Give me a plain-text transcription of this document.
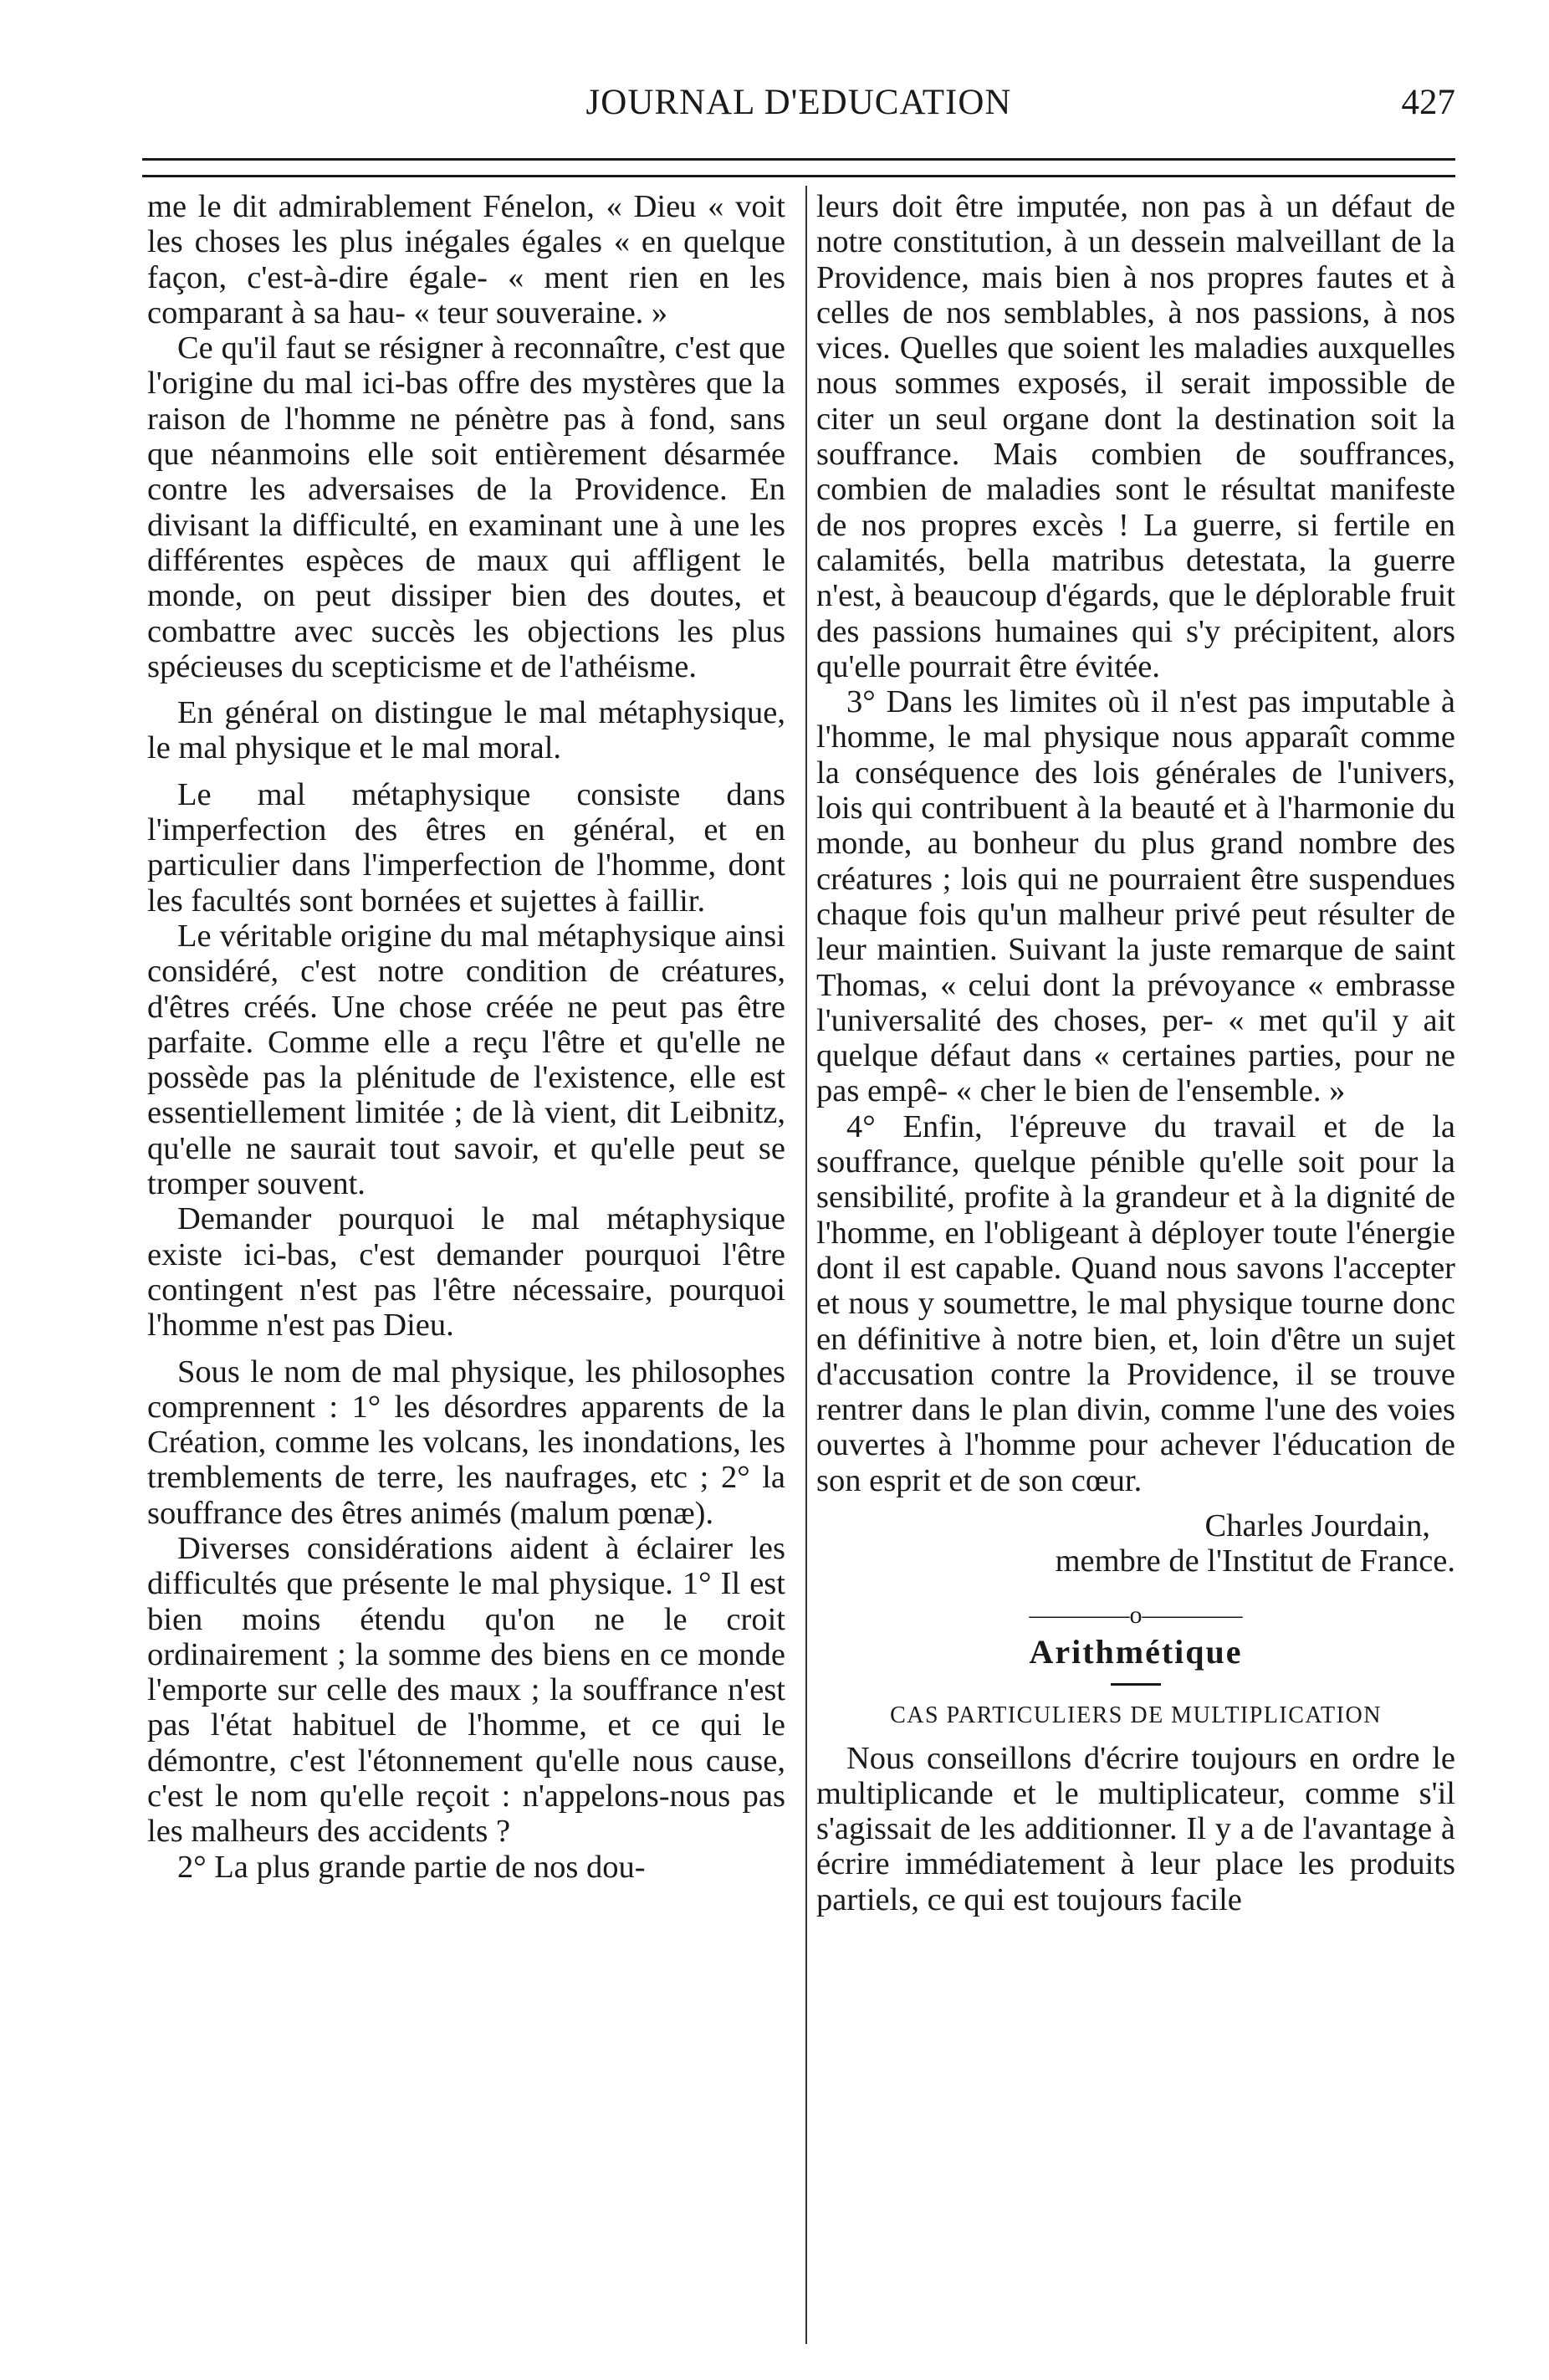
JOURNAL D'EDUCATION	427

me le dit admirablement Fénelon, « Dieu « voit les choses les plus inégales égales « en quelque façon, c'est-à-dire égale- « ment rien en les comparant à sa hau- « teur souveraine. »

Ce qu'il faut se résigner à reconnaître, c'est que l'origine du mal ici-bas offre des mystères que la raison de l'homme ne pénètre pas à fond, sans que néanmoins elle soit entièrement désarmée contre les adversaises de la Providence. En divisant la difficulté, en examinant une à une les différentes espèces de maux qui affligent le monde, on peut dissiper bien des doutes, et combattre avec succès les objections les plus spécieuses du scepticisme et de l'athéisme.

En général on distingue le mal métaphysique, le mal physique et le mal moral.

Le mal métaphysique consiste dans l'imperfection des êtres en général, et en particulier dans l'imperfection de l'homme, dont les facultés sont bornées et sujettes à faillir.

Le véritable origine du mal métaphysique ainsi considéré, c'est notre condition de créatures, d'êtres créés. Une chose créée ne peut pas être parfaite. Comme elle a reçu l'être et qu'elle ne possède pas la plénitude de l'existence, elle est essentiellement limitée ; de là vient, dit Leibnitz, qu'elle ne saurait tout savoir, et qu'elle peut se tromper souvent.

Demander pourquoi le mal métaphysique existe ici-bas, c'est demander pourquoi l'être contingent n'est pas l'être nécessaire, pourquoi l'homme n'est pas Dieu.

Sous le nom de mal physique, les philosophes comprennent : 1° les désordres apparents de la Création, comme les volcans, les inondations, les tremblements de terre, les naufrages, etc ; 2° la souffrance des êtres animés (malum pœnæ).

Diverses considérations aident à éclairer les difficultés que présente le mal physique. 1° Il est bien moins étendu qu'on ne le croit ordinairement ; la somme des biens en ce monde l'emporte sur celle des maux ; la souffrance n'est pas l'état habituel de l'homme, et ce qui le démontre, c'est l'étonnement qu'elle nous cause, c'est le nom qu'elle reçoit : n'appelons-nous pas les malheurs des accidents ?

2° La plus grande partie de nos dou-

leurs doit être imputée, non pas à un défaut de notre constitution, à un dessein malveillant de la Providence, mais bien à nos propres fautes et à celles de nos semblables, à nos passions, à nos vices. Quelles que soient les maladies auxquelles nous sommes exposés, il serait impossible de citer un seul organe dont la destination soit la souffrance. Mais combien de souffrances, combien de maladies sont le résultat manifeste de nos propres excès ! La guerre, si fertile en calamités, bella matribus detestata, la guerre n'est, à beaucoup d'égards, que le déplorable fruit des passions humaines qui s'y précipitent, alors qu'elle pourrait être évitée.

3° Dans les limites où il n'est pas imputable à l'homme, le mal physique nous apparaît comme la conséquence des lois générales de l'univers, lois qui contribuent à la beauté et à l'harmonie du monde, au bonheur du plus grand nombre des créatures ; lois qui ne pourraient être suspendues chaque fois qu'un malheur privé peut résulter de leur maintien. Suivant la juste remarque de saint Thomas, « celui dont la prévoyance « embrasse l'universalité des choses, per- « met qu'il y ait quelque défaut dans « certaines parties, pour ne pas empê- « cher le bien de l'ensemble. »

4° Enfin, l'épreuve du travail et de la souffrance, quelque pénible qu'elle soit pour la sensibilité, profite à la grandeur et à la dignité de l'homme, en l'obligeant à déployer toute l'énergie dont il est capable. Quand nous savons l'accepter et nous y soumettre, le mal physique tourne donc en définitive à notre bien, et, loin d'être un sujet d'accusation contre la Providence, il se trouve rentrer dans le plan divin, comme l'une des voies ouvertes à l'homme pour achever l'éducation de son esprit et de son cœur.

Charles Jourdain,

membre de l'Institut de France.

————o————
Arithmétique
CAS PARTICULIERS DE MULTIPLICATION

Nous conseillons d'écrire toujours en ordre le multiplicande et le multiplicateur, comme s'il s'agissait de les additionner. Il y a de l'avantage à écrire immédiatement à leur place les produits partiels, ce qui est toujours facile
